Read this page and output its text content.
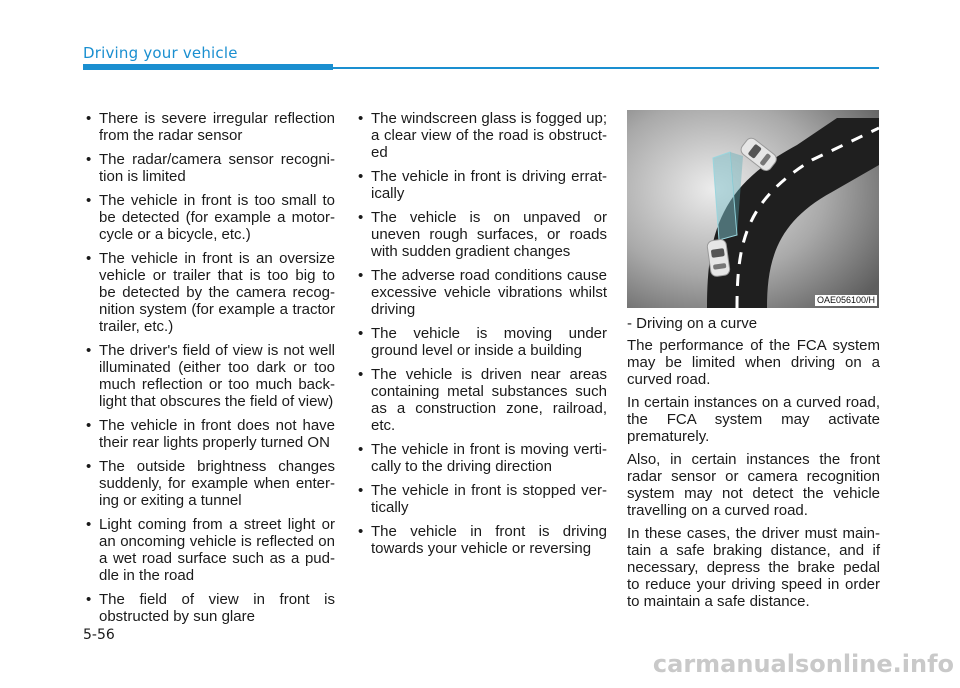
Driving your vehicle
• There is severe irregular reflection from the radar sensor
• The radar/camera sensor recogni-tion is limited
• The vehicle in front is too small to be detected (for example a motor-cycle or a bicycle, etc.)
• The vehicle in front is an oversize vehicle or trailer that is too big to be detected by the camera recog-nition system (for example a tractor trailer, etc.)
• The driver's field of view is not well illuminated (either too dark or too much reflection or too much back-light that obscures the field of view)
• The vehicle in front does not have their rear lights properly turned ON
• The outside brightness changes suddenly, for example when enter-ing or exiting a tunnel
• Light coming from a street light or an oncoming vehicle is reflected on a wet road surface such as a pud-dle in the road
• The field of view in front is obstructed by sun glare
• The windscreen glass is fogged up; a clear view of the road is obstruct-ed
• The vehicle in front is driving errat-ically
• The vehicle is on unpaved or uneven rough surfaces, or roads with sudden gradient changes
• The adverse road conditions cause excessive vehicle vibrations whilst driving
• The vehicle is moving under ground level or inside a building
• The vehicle is driven near areas containing metal substances such as a construction zone, railroad, etc.
• The vehicle in front is moving verti-cally to the driving direction
• The vehicle in front is stopped ver-tically
• The vehicle in front is driving towards your vehicle or reversing
OAE056100/H
- Driving on a curve

The performance of the FCA system may be limited when driving on a curved road.

In certain instances on a curved road, the FCA system may activate prematurely.

Also, in certain instances the front radar sensor or camera recognition system may not detect the vehicle travelling on a curved road.

In these cases, the driver must main-tain a safe braking distance, and if necessary, depress the brake pedal to reduce your driving speed in order to maintain a safe distance.

5-56
carmanualsonline.info
